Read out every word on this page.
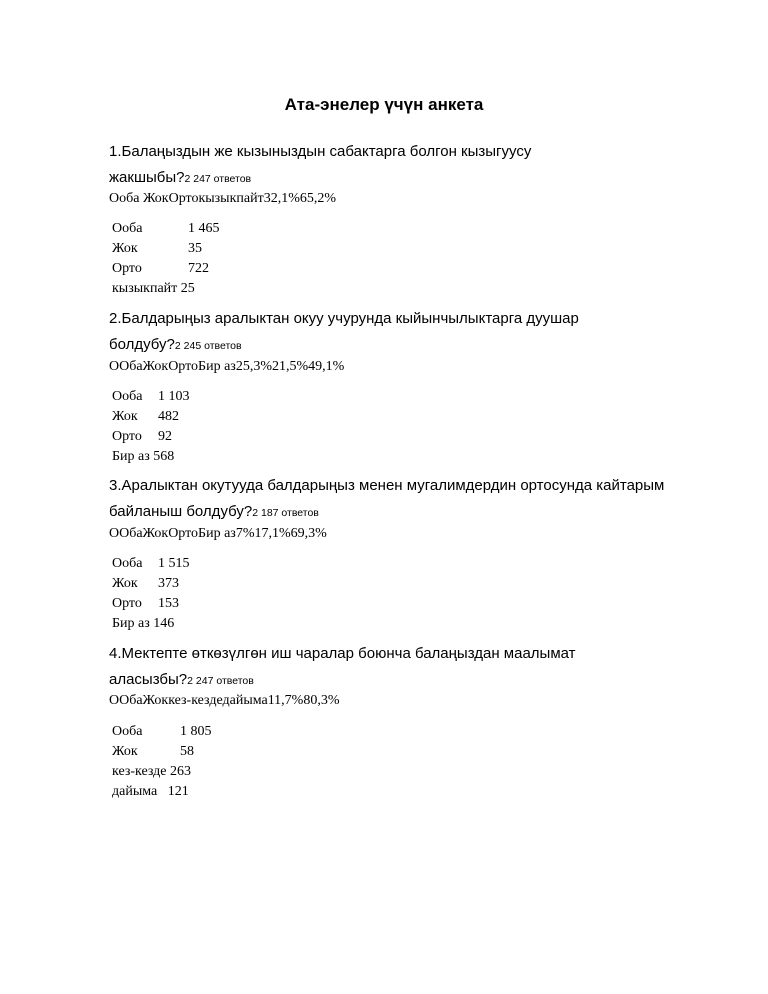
Ата-энелер үчүн анкета
1.Балаңыздын же кызыныздын сабактарга болгон кызыгуусу
жакшыбы?2 247 ответов
Ооба ЖокОртокызыкпайт32,1%65,2%
Ооба	1 465
Жок	35
Орто	722
кызыкпайт 25	
2.Балдарыңыз аралыктан окуу учурунда кыйынчылыктарга дуушар
болдубу?2 245 ответов
ООбаЖокОртоБир аз25,3%21,5%49,1%
Ооба	1 103
Жок	482
Орто	92
Бир аз 568	
3.Аралыктан окутууда балдарыңыз менен мугалимдердин ортосунда кайтарым
байланыш болдубу?2 187 ответов
ООбаЖокОртоБир аз7%17,1%69,3%
Ооба	1 515
Жок	373
Орто	153
Бир аз 146	
4.Мектепте өткөзүлгөн иш чаралар боюнча балаңыздан маалымат
аласызбы?2 247 ответов
ООбаЖоккез-кездедайыма11,7%80,3%
Ооба	1 805
Жок	58
кез-кезде 263	
дайыма 121	
